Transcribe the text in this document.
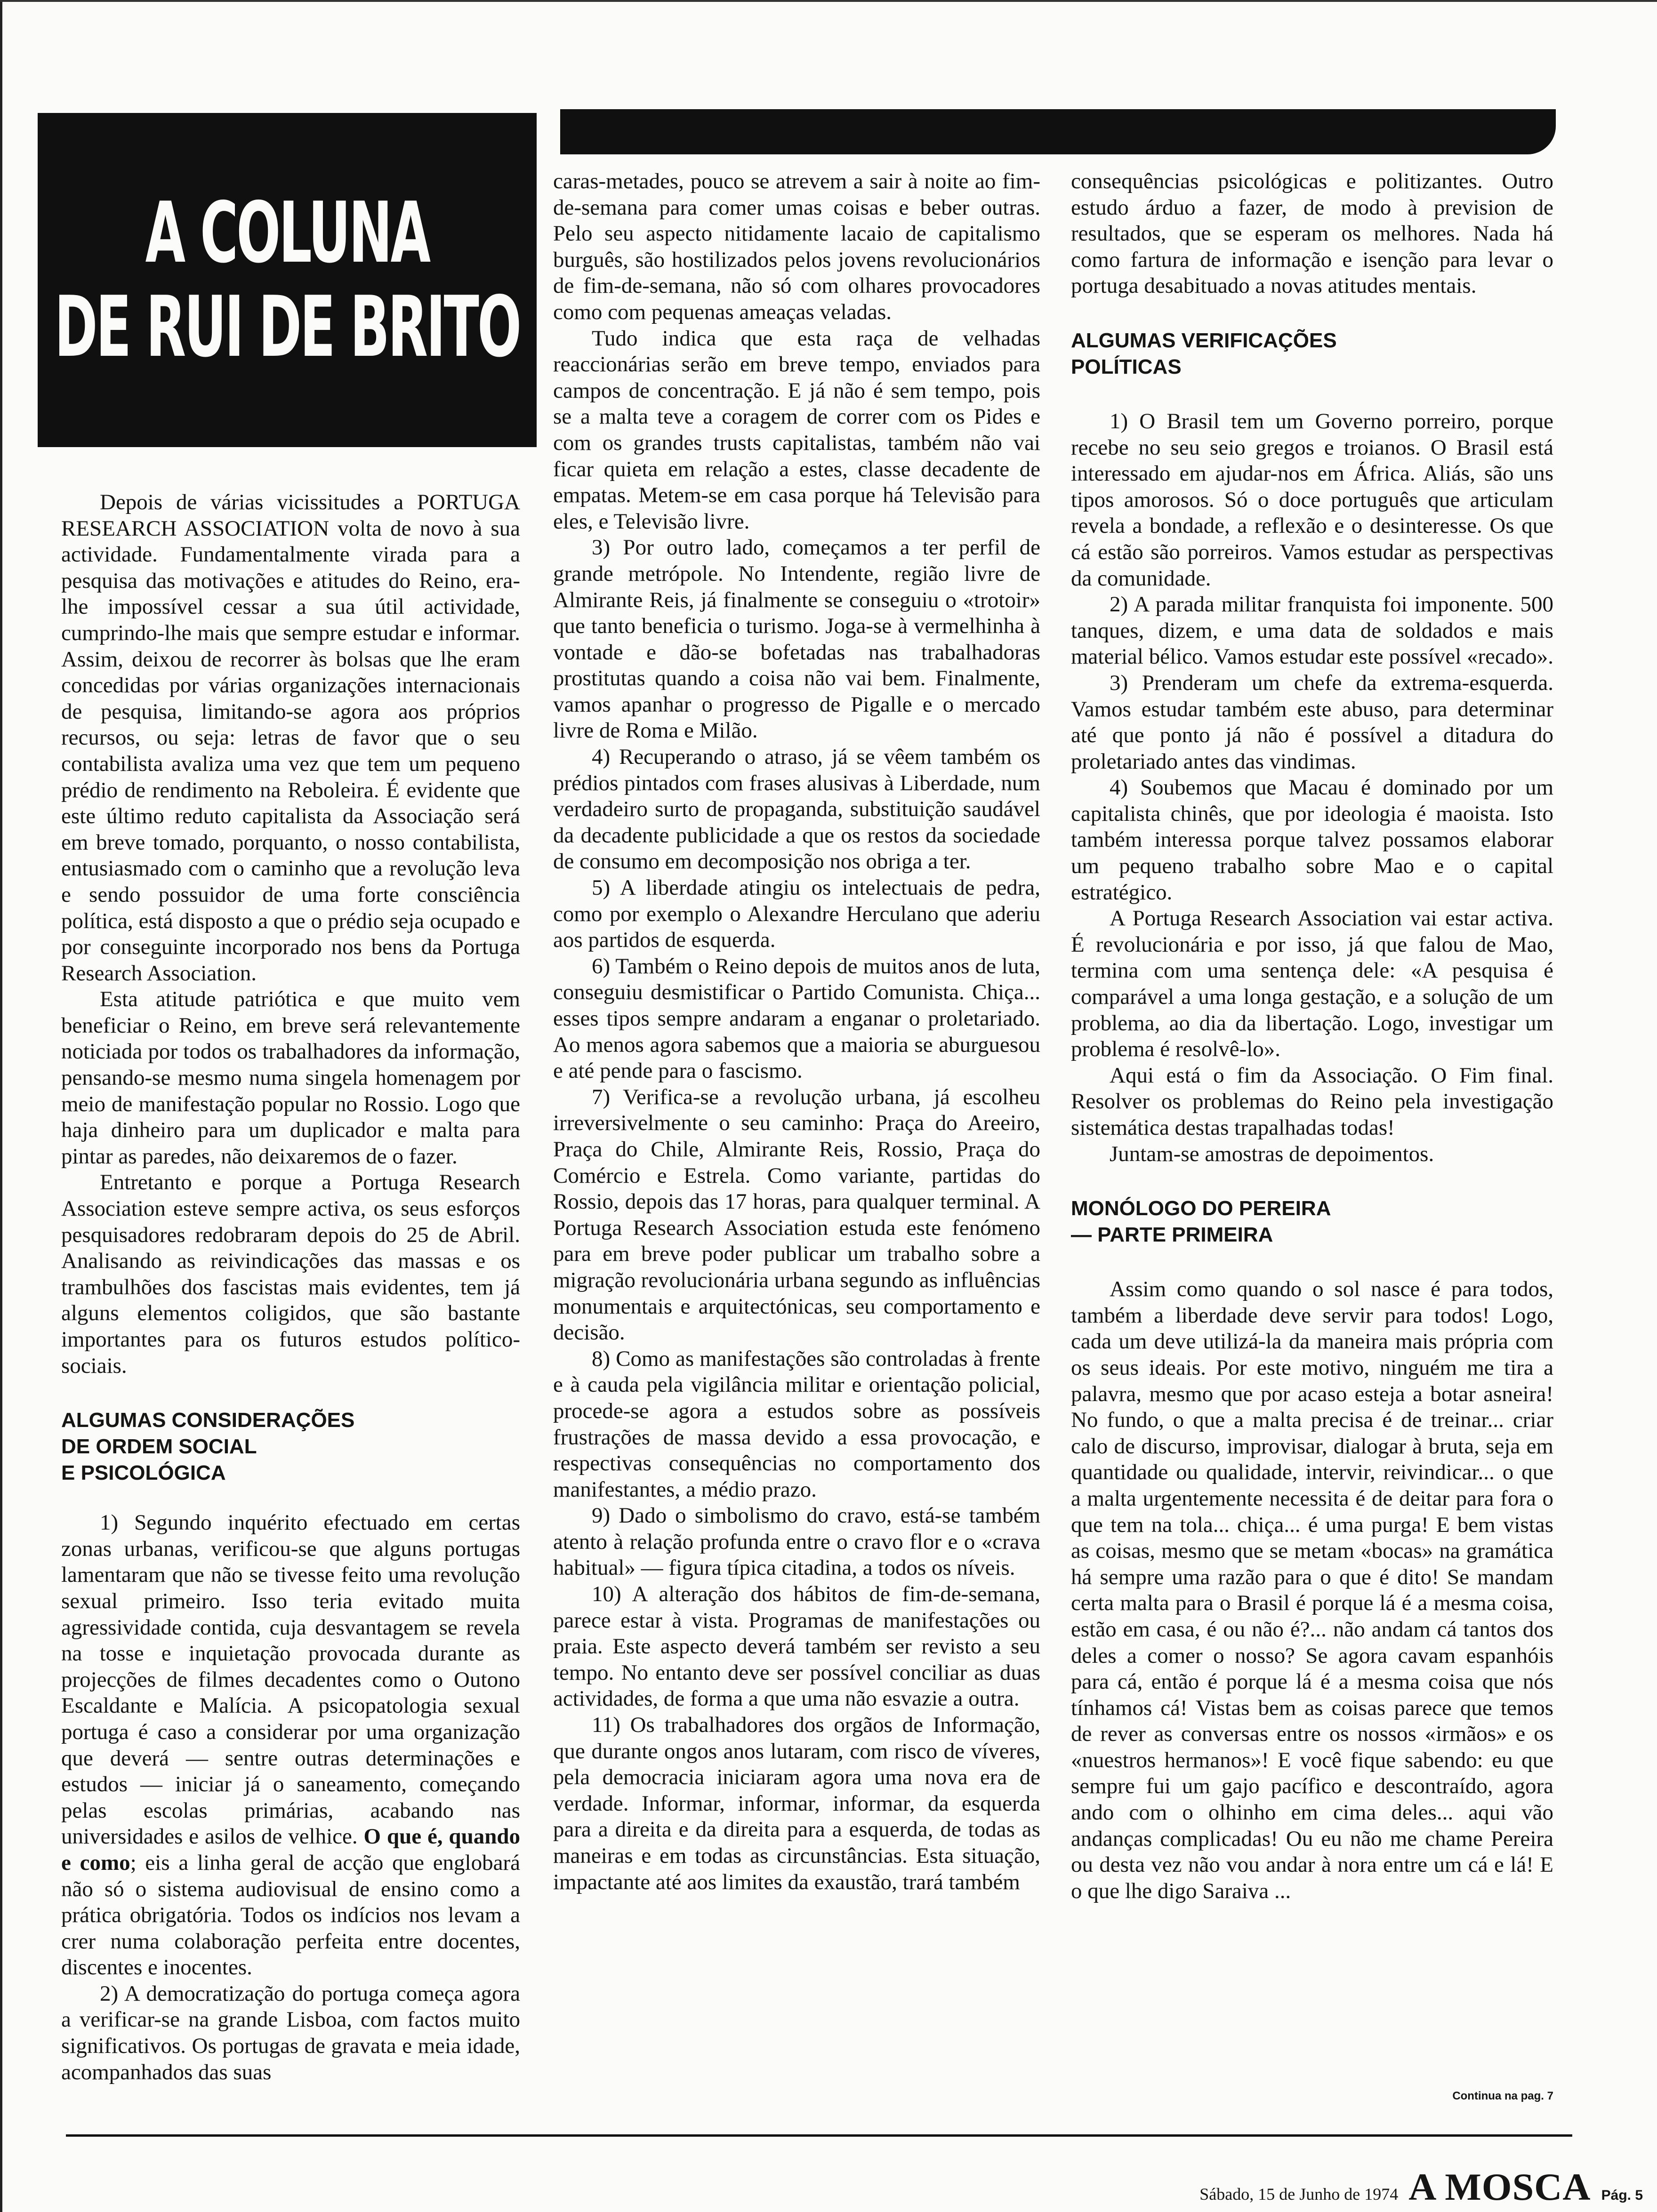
A COLUNA
DE RUI DE BRITO

Depois de várias vicissitudes a PORTUGA RESEARCH ASSOCIATION volta de novo à sua actividade. Fundamentalmente virada para a pesquisa das motivações e atitudes do Reino, era-lhe impossível cessar a sua útil actividade, cumprindo-lhe mais que sempre estudar e informar. Assim, deixou de recorrer às bolsas que lhe eram concedidas por várias organizações internacionais de pesquisa, limitando-se agora aos próprios recursos, ou seja: letras de favor que o seu contabilista avaliza uma vez que tem um pequeno prédio de rendimento na Reboleira. É evidente que este último reduto capitalista da Associação será em breve tomado, porquanto, o nosso contabilista, entusiasmado com o caminho que a revolução leva e sendo possuidor de uma forte consciência política, está disposto a que o prédio seja ocupado e por conseguinte incorporado nos bens da Portuga Research Association.

Esta atitude patriótica e que muito vem beneficiar o Reino, em breve será relevantemente noticiada por todos os trabalhadores da informação, pensando-se mesmo numa singela homenagem por meio de manifestação popular no Rossio. Logo que haja dinheiro para um duplicador e malta para pintar as paredes, não deixaremos de o fazer.

Entretanto e porque a Portuga Research Association esteve sempre activa, os seus esforços pesquisadores redobraram depois do 25 de Abril. Analisando as reivindicações das massas e os trambulhões dos fascistas mais evidentes, tem já alguns elementos coligidos, que são bastante importantes para os futuros estudos político-sociais.

ALGUMAS CONSIDERAÇÕES
DE ORDEM SOCIAL
E PSICOLÓGICA

1) Segundo inquérito efectuado em certas zonas urbanas, verificou-se que alguns portugas lamentaram que não se tivesse feito uma revolução sexual primeiro. Isso teria evitado muita agressividade contida, cuja desvantagem se revela na tosse e inquietação provocada durante as projecções de filmes decadentes como o Outono Escaldante e Malícia. A psicopatologia sexual portuga é caso a considerar por uma organização que deverá — sentre outras determinações e estudos — iniciar já o saneamento, começando pelas escolas primárias, acabando nas universidades e asilos de velhice. O que é, quando e como; eis a linha geral de acção que englobará não só o sistema audiovisual de ensino como a prática obrigatória. Todos os indícios nos levam a crer numa colaboração perfeita entre docentes, discentes e inocentes.

2) A democratização do portuga começa agora a verificar-se na grande Lisboa, com factos muito significativos. Os portugas de gravata e meia idade, acompanhados das suas

caras-metades, pouco se atrevem a sair à noite ao fim-de-semana para comer umas coisas e beber outras. Pelo seu aspecto nitidamente lacaio de capitalismo burguês, são hostilizados pelos jovens revolucionários de fim-de-semana, não só com olhares provocadores como com pequenas ameaças veladas.

Tudo indica que esta raça de velhadas reaccionárias serão em breve tempo, enviados para campos de concentração. E já não é sem tempo, pois se a malta teve a coragem de correr com os Pides e com os grandes trusts capitalistas, também não vai ficar quieta em relação a estes, classe decadente de empatas. Metem-se em casa porque há Televisão para eles, e Televisão livre.

3) Por outro lado, começamos a ter perfil de grande metrópole. No Intendente, região livre de Almirante Reis, já finalmente se conseguiu o «trotoir» que tanto beneficia o turismo. Joga-se à vermelhinha à vontade e dão-se bofetadas nas trabalhadoras prostitutas quando a coisa não vai bem. Finalmente, vamos apanhar o progresso de Pigalle e o mercado livre de Roma e Milão.

4) Recuperando o atraso, já se vêem também os prédios pintados com frases alusivas à Liberdade, num verdadeiro surto de propaganda, substituição saudável da decadente publicidade a que os restos da sociedade de consumo em decomposição nos obriga a ter.

5) A liberdade atingiu os intelectuais de pedra, como por exemplo o Alexandre Herculano que aderiu aos partidos de esquerda.

6) Também o Reino depois de muitos anos de luta, conseguiu desmistificar o Partido Comunista. Chiça... esses tipos sempre andaram a enganar o proletariado. Ao menos agora sabemos que a maioria se aburguesou e até pende para o fascismo.

7) Verifica-se a revolução urbana, já escolheu irreversivelmente o seu caminho: Praça do Areeiro, Praça do Chile, Almirante Reis, Rossio, Praça do Comércio e Estrela. Como variante, partidas do Rossio, depois das 17 horas, para qualquer terminal. A Portuga Research Association estuda este fenómeno para em breve poder publicar um trabalho sobre a migração revolucionária urbana segundo as influências monumentais e arquitectónicas, seu comportamento e decisão.

8) Como as manifestações são controladas à frente e à cauda pela vigilância militar e orientação policial, procede-se agora a estudos sobre as possíveis frustrações de massa devido a essa provocação, e respectivas consequências no comportamento dos manifestantes, a médio prazo.

9) Dado o simbolismo do cravo, está-se também atento à relação profunda entre o cravo flor e o «crava habitual» — figura típica citadina, a todos os níveis.

10) A alteração dos hábitos de fim-de-semana, parece estar à vista. Programas de manifestações ou praia. Este aspecto deverá também ser revisto a seu tempo. No entanto deve ser possível conciliar as duas actividades, de forma a que uma não esvazie a outra.

11) Os trabalhadores dos orgãos de Informação, que durante ongos anos lutaram, com risco de víveres, pela democracia iniciaram agora uma nova era de verdade. Informar, informar, informar, da esquerda para a direita e da direita para a esquerda, de todas as maneiras e em todas as circunstâncias. Esta situação, impactante até aos limites da exaustão, trará também

consequências psicológicas e politizantes. Outro estudo árduo a fazer, de modo à prevision de resultados, que se esperam os melhores. Nada há como fartura de informação e isenção para levar o portuga desabituado a novas atitudes mentais.

ALGUMAS VERIFICAÇÕES
POLÍTICAS

1) O Brasil tem um Governo porreiro, porque recebe no seu seio gregos e troianos. O Brasil está interessado em ajudar-nos em África. Aliás, são uns tipos amorosos. Só o doce português que articulam revela a bondade, a reflexão e o desinteresse. Os que cá estão são porreiros. Vamos estudar as perspectivas da comunidade.

2) A parada militar franquista foi imponente. 500 tanques, dizem, e uma data de soldados e mais material bélico. Vamos estudar este possível «recado».

3) Prenderam um chefe da extrema-esquerda. Vamos estudar também este abuso, para determinar até que ponto já não é possível a ditadura do proletariado antes das vindimas.

4) Soubemos que Macau é dominado por um capitalista chinês, que por ideologia é maoista. Isto também interessa porque talvez possamos elaborar um pequeno trabalho sobre Mao e o capital estratégico.

A Portuga Research Association vai estar activa. É revolucionária e por isso, já que falou de Mao, termina com uma sentença dele: «A pesquisa é comparável a uma longa gestação, e a solução de um problema, ao dia da libertação. Logo, investigar um problema é resolvê-lo».

Aqui está o fim da Associação. O Fim final. Resolver os problemas do Reino pela investigação sistemática destas trapalhadas todas!

Juntam-se amostras de depoimentos.

MONÓLOGO DO PEREIRA
— PARTE PRIMEIRA

Assim como quando o sol nasce é para todos, também a liberdade deve servir para todos! Logo, cada um deve utilizá-la da maneira mais própria com os seus ideais. Por este motivo, ninguém me tira a palavra, mesmo que por acaso esteja a botar asneira! No fundo, o que a malta precisa é de treinar... criar calo de discurso, improvisar, dialogar à bruta, seja em quantidade ou qualidade, intervir, reivindicar... o que a malta urgentemente necessita é de deitar para fora o que tem na tola... chiça... é uma purga! E bem vistas as coisas, mesmo que se metam «bocas» na gramática há sempre uma razão para o que é dito! Se mandam certa malta para o Brasil é porque lá é a mesma coisa, estão em casa, é ou não é?... não andam cá tantos dos deles a comer o nosso? Se agora cavam espanhóis para cá, então é porque lá é a mesma coisa que nós tínhamos cá! Vistas bem as coisas parece que temos de rever as conversas entre os nossos «irmãos» e os «nuestros hermanos»! E você fique sabendo: eu que sempre fui um gajo pacífico e descontraído, agora ando com o olhinho em cima deles... aqui vão andanças complicadas! Ou eu não me chame Pereira ou desta vez não vou andar à nora entre um cá e lá! E o que lhe digo Saraiva ...

Continua na pag. 7
Sábado, 15 de Junho de 1974 A MOSCA Pág. 5
